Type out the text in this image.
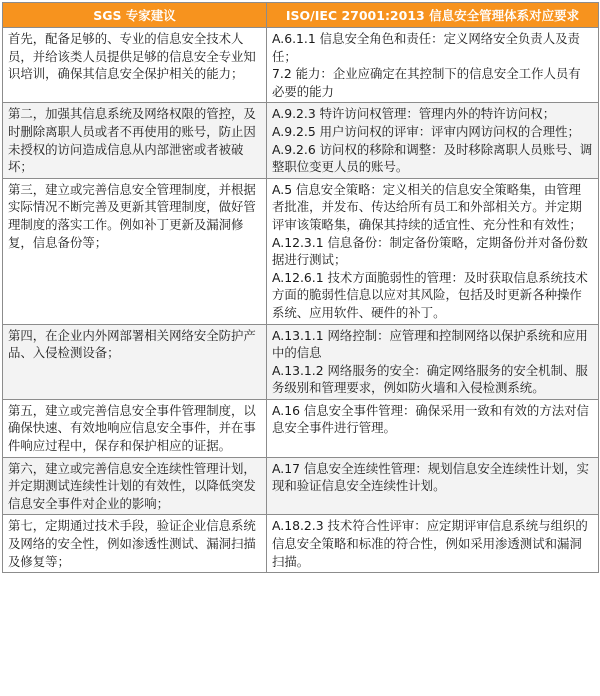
SGS 专家建议	ISO/IEC 27001:2013 信息安全管理体系对应要求
首先，配备足够的、专业的信息安全技术人员，并给该类人员提供足够的信息安全专业知识培训，确保其信息安全保护相关的能力；	A.6.1.1 信息安全角色和责任：定义网络安全负责人及责任；
7.2 能力：企业应确定在其控制下的信息安全工作人员有必要的能力

第二，加强其信息系统及网络权限的管控，及时删除离职人员或者不再使用的账号，防止因未授权的访问造成信息从内部泄密或者被破坏；	A.9.2.3 特许访问权管理：管理内外的特许访问权；
A.9.2.5 用户访问权的评审：评审内网访问权的合理性；
A.9.2.6 访问权的移除和调整：及时移除离职人员账号、调整职位变更人员的账号。

第三，建立或完善信息安全管理制度，并根据实际情况不断完善及更新其管理制度，做好管理制度的落实工作。例如补丁更新及漏洞修复，信息备份等；	A.5 信息安全策略：定义相关的信息安全策略集，由管理者批准，并发布、传达给所有员工和外部相关方。并定期评审该策略集，确保其持续的适宜性、充分性和有效性；
A.12.3.1 信息备份：制定备份策略，定期备份并对备份数据进行测试；
A.12.6.1 技术方面脆弱性的管理：及时获取信息系统技术方面的脆弱性信息以应对其风险，包括及时更新各种操作系统、应用软件、硬件的补丁。

第四，在企业内外网部署相关网络安全防护产品、入侵检测设备；	A.13.1.1 网络控制：应管理和控制网络以保护系统和应用中的信息
A.13.1.2 网络服务的安全：确定网络服务的安全机制、服务级别和管理要求，例如防火墙和入侵检测系统。

第五，建立或完善信息安全事件管理制度，以确保快速、有效地响应信息安全事件，并在事件响应过程中，保存和保护相应的证据。	A.16 信息安全事件管理：确保采用一致和有效的方法对信息安全事件进行管理。

第六，建立或完善信息安全连续性管理计划，并定期测试连续性计划的有效性，以降低突发信息安全事件对企业的影响；	A.17 信息安全连续性管理：规划信息安全连续性计划，实现和验证信息安全连续性计划。

第七，定期通过技术手段，验证企业信息系统及网络的安全性，例如渗透性测试、漏洞扫描及修复等；	A.18.2.3 技术符合性评审：应定期评审信息系统与组织的信息安全策略和标准的符合性，例如采用渗透测试和漏洞扫描。
